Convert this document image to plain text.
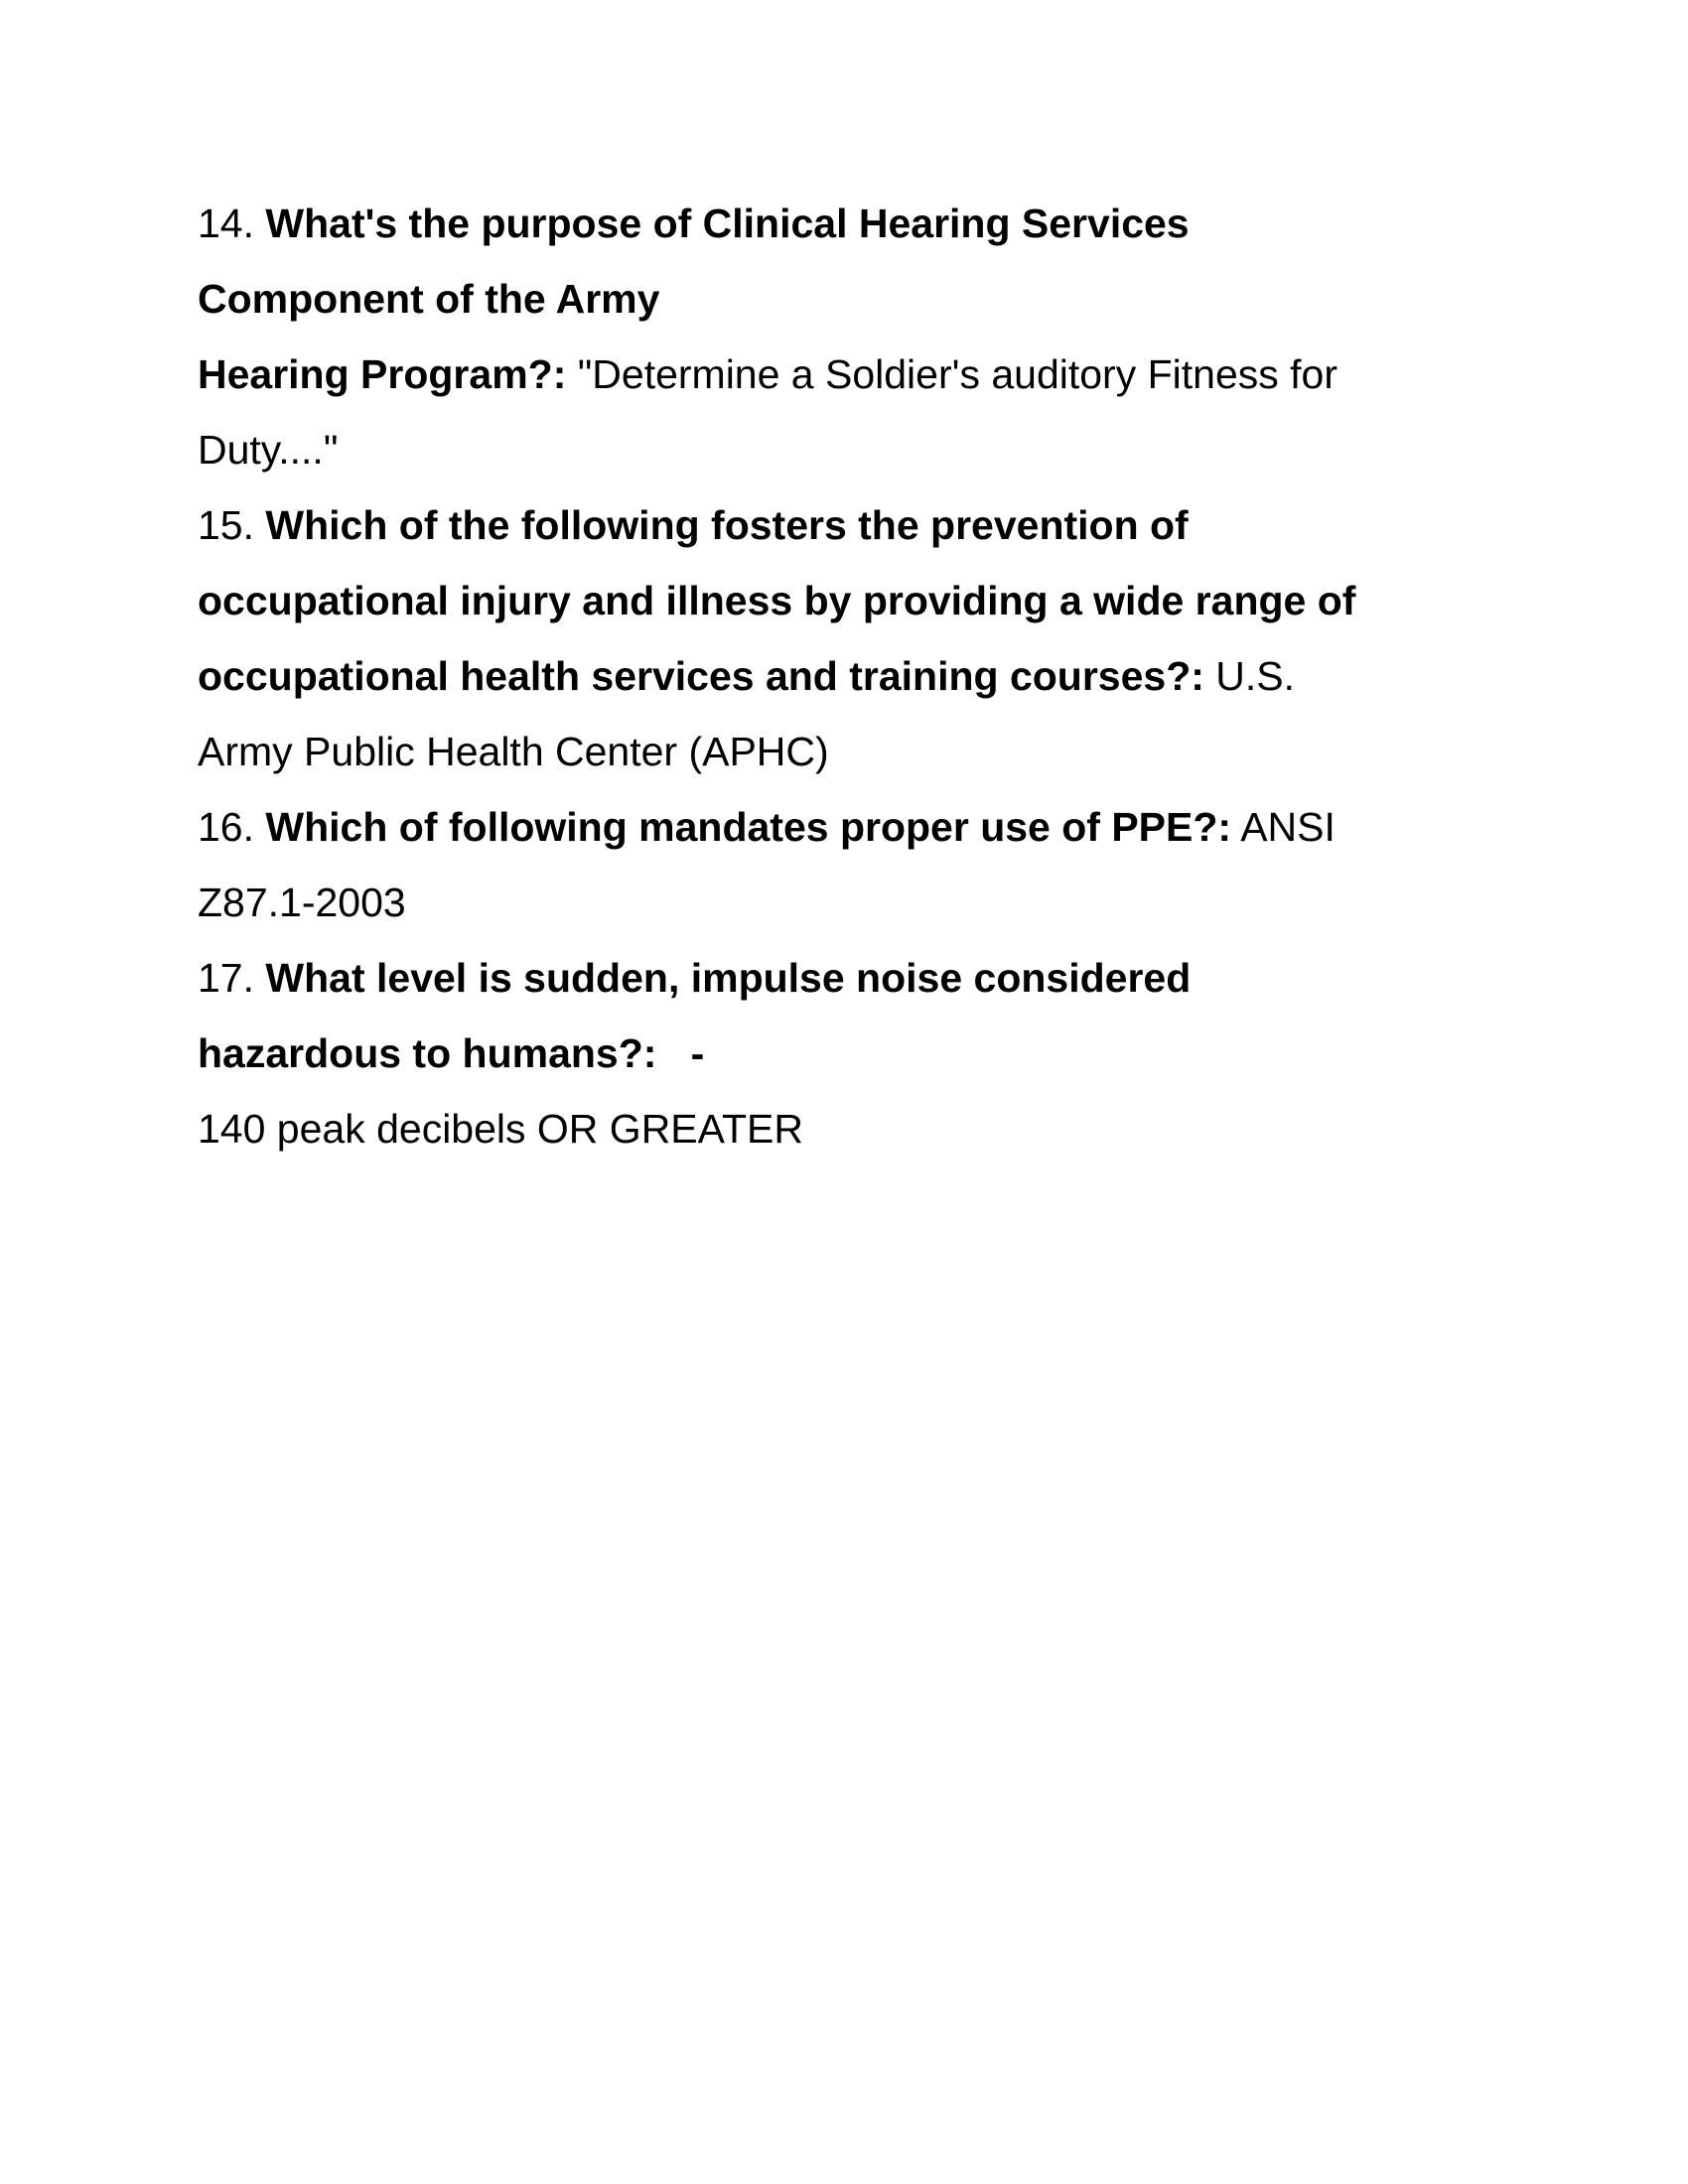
14. What's the purpose of Clinical Hearing Services
Component of the Army
Hearing Program?: "Determine a Soldier's auditory Fitness for
Duty...."
15. Which of the following fosters the prevention of
occupational injury and illness by providing a wide range of
occupational health services and training courses?: U.S.
Army Public Health Center (APHC)
16. Which of following mandates proper use of PPE?: ANSI
Z87.1-2003
17. What level is sudden, impulse noise considered
hazardous to humans?:   -
140 peak decibels OR GREATER
